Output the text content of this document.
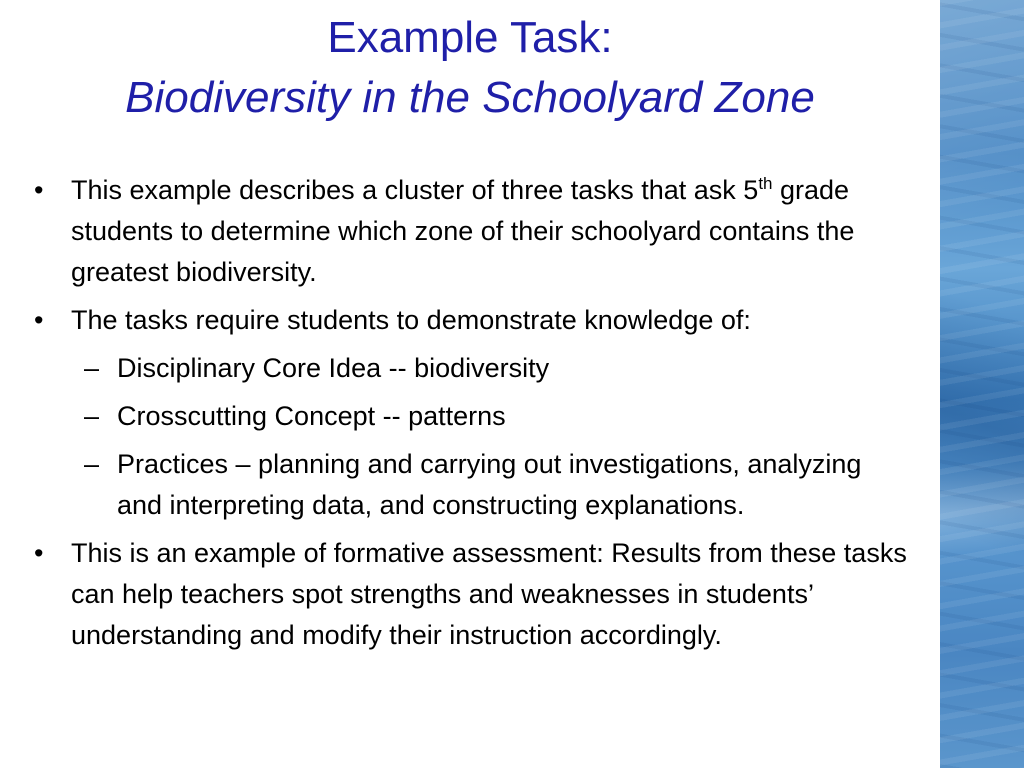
Example Task:
Biodiversity in the Schoolyard Zone
• This example describes a cluster of three tasks that ask 5th grade students to determine which zone of their schoolyard contains the greatest biodiversity.
• The tasks require students to demonstrate knowledge of:
– Disciplinary Core Idea -- biodiversity
– Crosscutting Concept -- patterns
– Practices – planning and carrying out investigations, analyzing and interpreting data, and constructing explanations.
• This is an example of formative assessment: Results from these tasks can help teachers spot strengths and weaknesses in students’ understanding and modify their instruction accordingly.
